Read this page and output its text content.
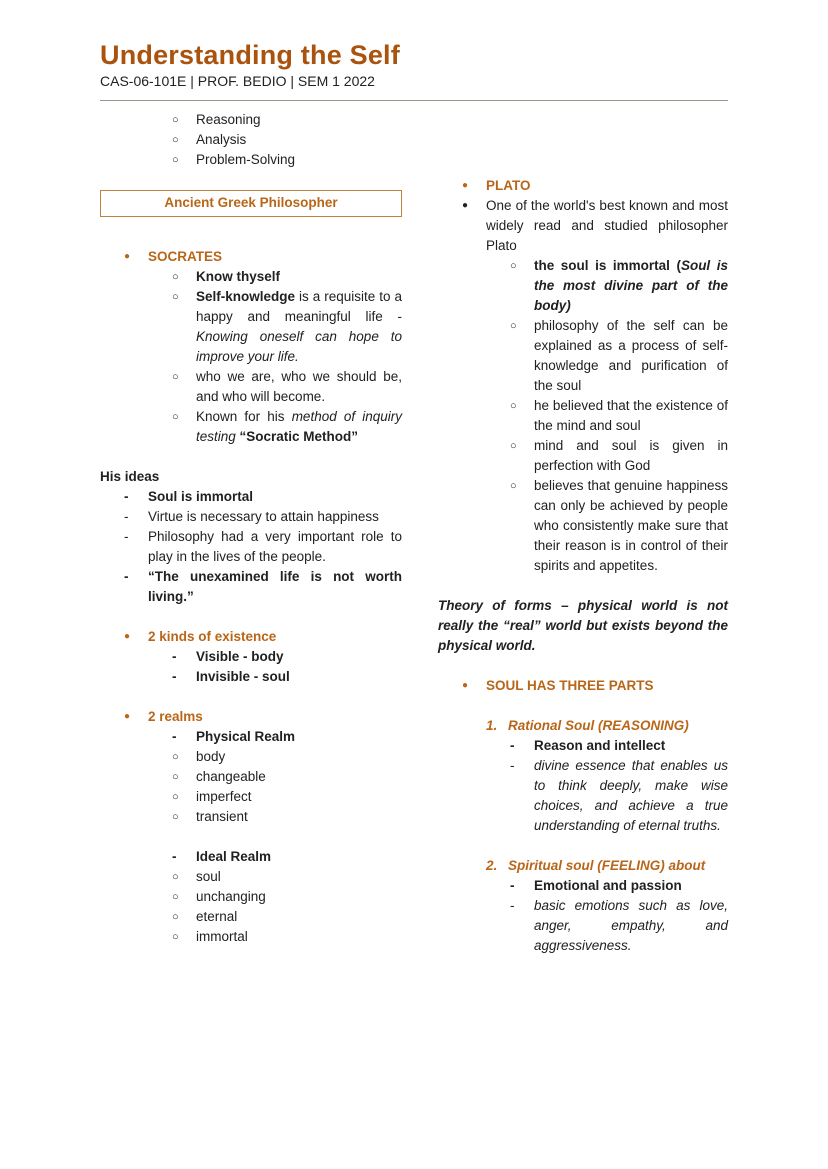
Understanding the Self
CAS-06-101E | PROF. BEDIO | SEM 1 2022
○	Reasoning
○	Analysis
○	Problem-Solving
Ancient Greek Philosopher
●	SOCRATES
○	Know thyself
○	Self-knowledge is a requisite to a happy and meaningful life - Knowing oneself can hope to improve your life.
○	who we are, who we should be, and who will become.
○	Known for his method of inquiry testing “Socratic Method”
His ideas
-	Soul is immortal
-	Virtue is necessary to attain happiness
-	Philosophy had a very important role to play in the lives of the people.
-	“The unexamined life is not worth living.”
●	2 kinds of existence
-	Visible - body
-	Invisible - soul
●	2 realms
-	Physical Realm
○	body
○	changeable
○	imperfect
○	transient
-	Ideal Realm
○	soul
○	unchanging
○	eternal
○	immortal
●	PLATO
●	One of the world's best known and most widely read and studied philosopher Plato
○	the soul is immortal (Soul is the most divine part of the body)
○	philosophy of the self can be explained as a process of self-knowledge and purification of the soul
○	he believed that the existence of the mind and soul
○	mind and soul is given in perfection with God
○	believes that genuine happiness can only be achieved by people who consistently make sure that their reason is in control of their spirits and appetites.
Theory of forms – physical world is not really the “real” world but exists beyond the physical world.
●	SOUL HAS THREE PARTS
1. Rational Soul (REASONING)
-	Reason and intellect
-	divine essence that enables us to think deeply, make wise choices, and achieve a true understanding of eternal truths.
2. Spiritual soul (FEELING) about
-	Emotional and passion
-	basic emotions such as love, anger, empathy, and aggressiveness.
